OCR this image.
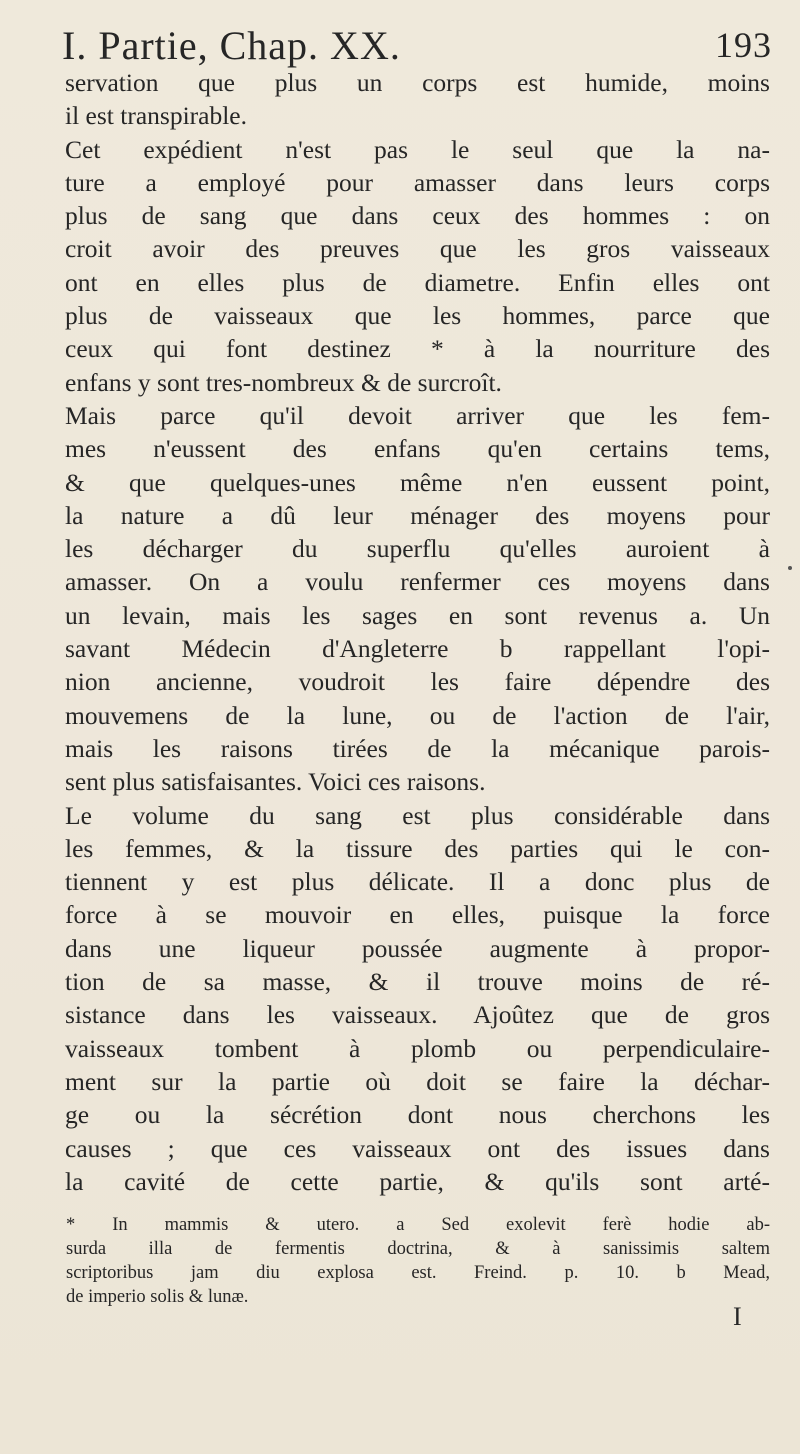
I. Partie, Chap. XX.	193
servation que plus un corps est humide, moins
il est transpirable.
Cet expédient n'est pas le seul que la na-
ture a employé pour amasser dans leurs corps
plus de sang que dans ceux des hommes : on
croit avoir des preuves que les gros vaisseaux
ont en elles plus de diametre. Enfin elles ont
plus de vaisseaux que les hommes, parce que
ceux qui font destinez * à la nourriture des
enfans y sont tres-nombreux & de surcroît.
Mais parce qu'il devoit arriver que les fem-
mes n'eussent des enfans qu'en certains tems,
& que quelques-unes même n'en eussent point,
la nature a dû leur ménager des moyens pour
les décharger du superflu qu'elles auroient à
amasser. On a voulu renfermer ces moyens dans
un levain, mais les sages en sont revenus a. Un
savant Médecin d'Angleterre b rappellant l'opi-
nion ancienne, voudroit les faire dépendre des
mouvemens de la lune, ou de l'action de l'air,
mais les raisons tirées de la mécanique parois-
sent plus satisfaisantes. Voici ces raisons.
Le volume du sang est plus considérable dans
les femmes, & la tissure des parties qui le con-
tiennent y est plus délicate. Il a donc plus de
force à se mouvoir en elles, puisque la force
dans une liqueur poussée augmente à propor-
tion de sa masse, & il trouve moins de ré-
sistance dans les vaisseaux. Ajoûtez que de gros
vaisseaux tombent à plomb ou perpendiculaire-
ment sur la partie où doit se faire la déchar-
ge ou la sécrétion dont nous cherchons les
causes ; que ces vaisseaux ont des issues dans
la cavité de cette partie, & qu'ils sont arté-
* In mammis & utero. a Sed exolevit ferè hodie ab-
surda illa de fermentis doctrina, & à sanissimis saltem
scriptoribus jam diu explosa est. Freind. p. 10. b Mead,
de imperio solis & lunæ.
I
